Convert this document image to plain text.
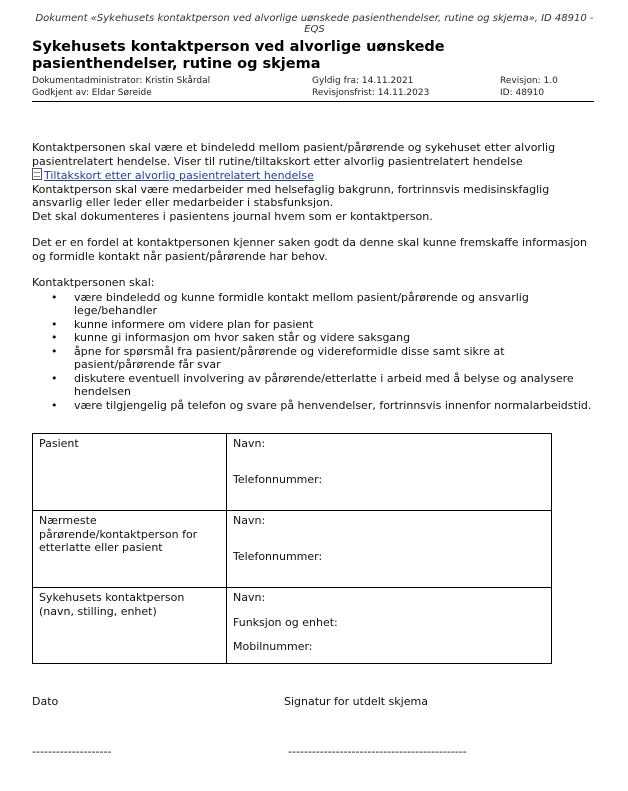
Dokument «Sykehusets kontaktperson ved alvorlige uønskede pasienthendelser, rutine og skjema», ID 48910 - EQS
Sykehusets kontaktperson ved alvorlige uønskede pasienthendelser, rutine og skjema
Dokumentadministrator: Kristin Skårdal	Gyldig fra: 14.11.2021	Revisjon: 1.0
Godkjent av: Eldar Søreide	Revisjonsfrist: 14.11.2023	ID: 48910

Kontaktpersonen skal være et bindeledd mellom pasient/pårørende og sykehuset etter alvorlig pasientrelatert hendelse. Viser til rutine/tiltakskort etter alvorlig pasientrelatert hendelse
Tiltakskort etter alvorlig pasientrelatert hendelse

Kontaktperson skal være medarbeider med helsefaglig bakgrunn, fortrinnsvis medisinskfaglig ansvarlig eller leder eller medarbeider i stabsfunksjon.

Det skal dokumenteres i pasientens journal hvem som er kontaktperson.

Det er en fordel at kontaktpersonen kjenner saken godt da denne skal kunne fremskaffe informasjon og formidle kontakt når pasient/pårørende har behov.

Kontaktpersonen skal:

• være bindeledd og kunne formidle kontakt mellom pasient/pårørende og ansvarlig lege/behandler
• kunne informere om videre plan for pasient
• kunne gi informasjon om hvor saken står og videre saksgang
• åpne for spørsmål fra pasient/pårørende og videreformidle disse samt sikre at pasient/pårørende får svar
• diskutere eventuell involvering av pårørende/etterlatte i arbeid med å belyse og analysere hendelsen
• være tilgjengelig på telefon og svare på henvendelser, fortrinnsvis innenfor normalarbeidstid.
Pasient	Navn:
Telefonnummer:

Nærmeste pårørende/kontaktperson for etterlatte eller pasient	Navn:
Telefonnummer:

Sykehusets kontaktperson (navn, stilling, enhet)	Navn:
Funksjon og enhet:
Mobilnummer:
Dato	Signatur for utdelt skjema
--------------------	---------------------------------------------
